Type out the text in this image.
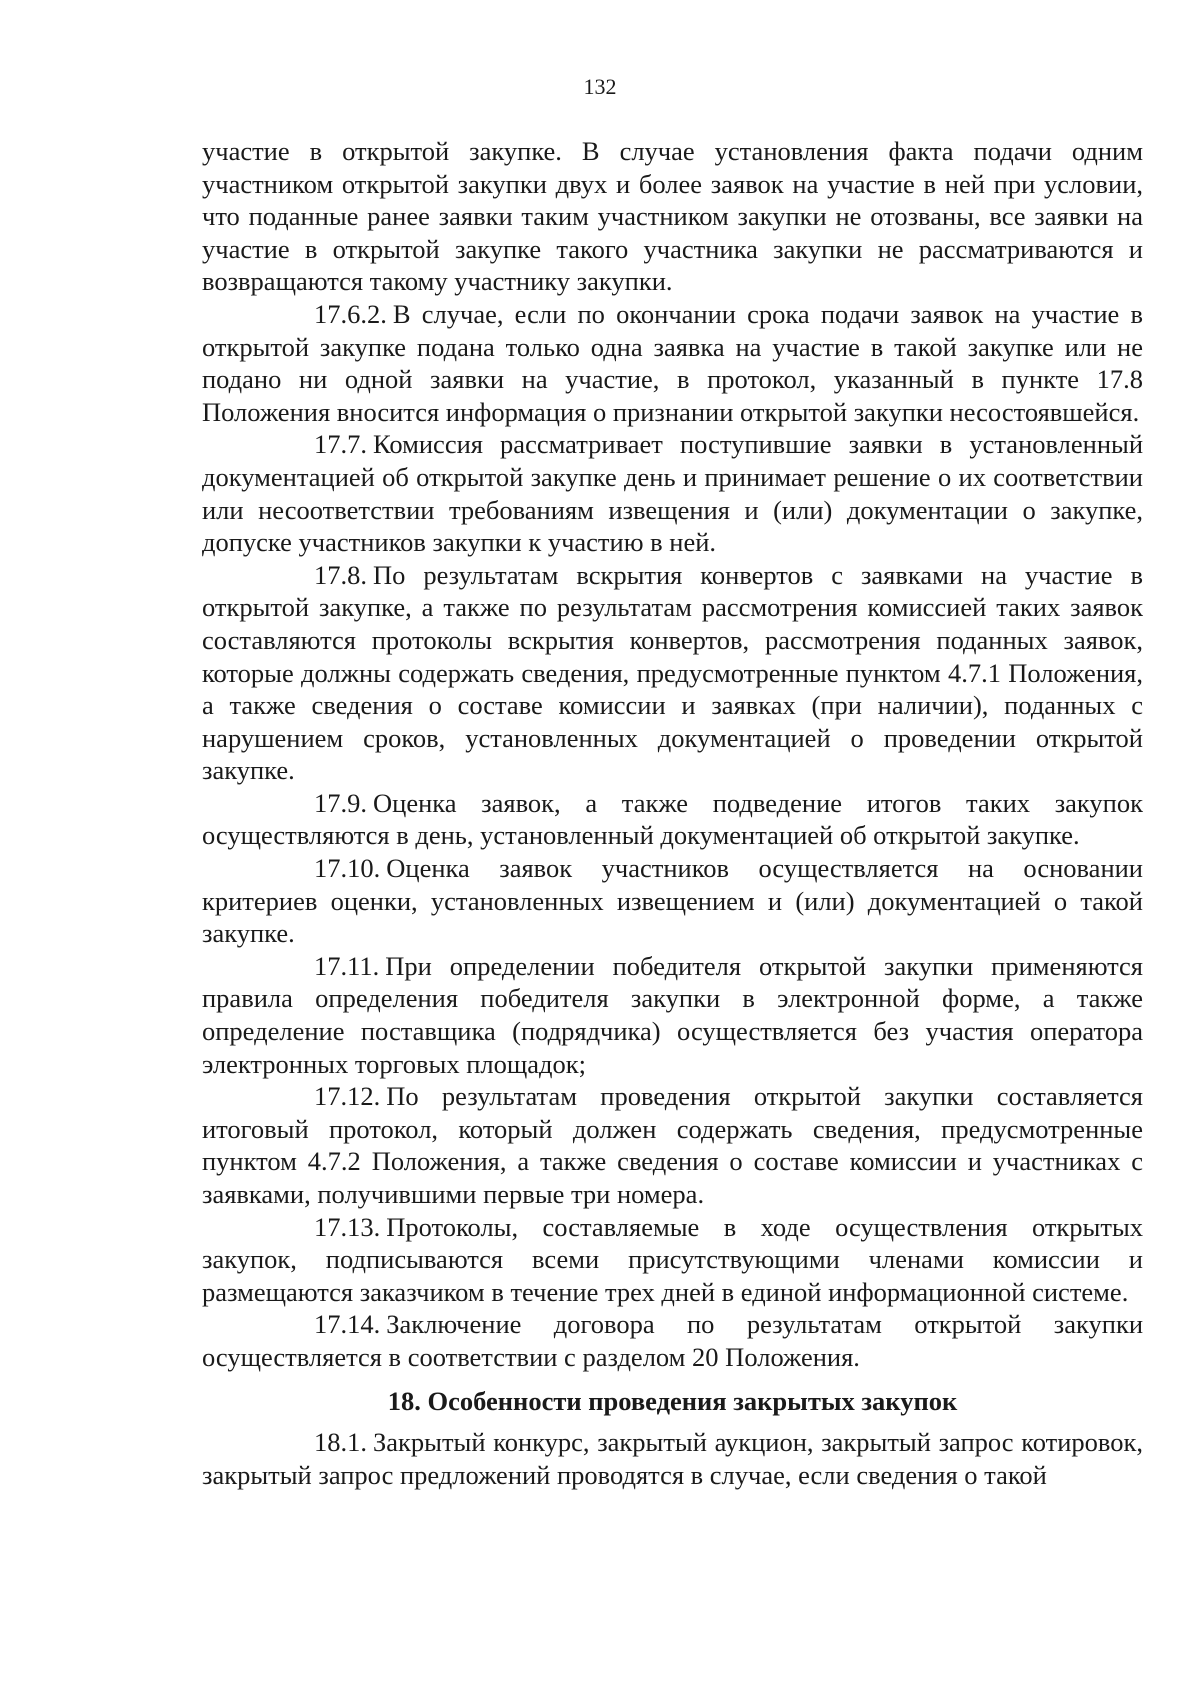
132

участие в открытой закупке. В случае установления факта подачи одним участником открытой закупки двух и более заявок на участие в ней при условии, что поданные ранее заявки таким участником закупки не отозваны, все заявки на участие в открытой закупке такого участника закупки не рассматриваются и возвращаются такому участнику закупки.

17.6.2. В случае, если по окончании срока подачи заявок на участие в открытой закупке подана только одна заявка на участие в такой закупке или не подано ни одной заявки на участие, в протокол, указанный в пункте 17.8 Положения вносится информация о признании открытой закупки несостоявшейся.

17.7. Комиссия рассматривает поступившие заявки в установленный документацией об открытой закупке день и принимает решение о их соответствии или несоответствии требованиям извещения и (или) документации о закупке, допуске участников закупки к участию в ней.

17.8. По результатам вскрытия конвертов с заявками на участие в открытой закупке, а также по результатам рассмотрения комиссией таких заявок составляются протоколы вскрытия конвертов, рассмотрения поданных заявок, которые должны содержать сведения, предусмотренные пунктом 4.7.1 Положения, а также сведения о составе комиссии и заявках (при наличии), поданных с нарушением сроков, установленных документацией о проведении открытой закупке.

17.9. Оценка заявок, а также подведение итогов таких закупок осуществляются в день, установленный документацией об открытой закупке.

17.10. Оценка заявок участников осуществляется на основании критериев оценки, установленных извещением и (или) документацией о такой закупке.

17.11. При определении победителя открытой закупки применяются правила определения победителя закупки в электронной форме, а также определение поставщика (подрядчика) осуществляется без участия оператора электронных торговых площадок;

17.12. По результатам проведения открытой закупки составляется итоговый протокол, который должен содержать сведения, предусмотренные пунктом 4.7.2 Положения, а также сведения о составе комиссии и участниках с заявками, получившими первые три номера.

17.13. Протоколы, составляемые в ходе осуществления открытых закупок, подписываются всеми присутствующими членами комиссии и размещаются заказчиком в течение трех дней в единой информационной системе.

17.14. Заключение договора по результатам открытой закупки осуществляется в соответствии с разделом 20 Положения.

18. Особенности проведения закрытых закупок

18.1. Закрытый конкурс, закрытый аукцион, закрытый запрос котировок, закрытый запрос предложений проводятся в случае, если сведения о такой
